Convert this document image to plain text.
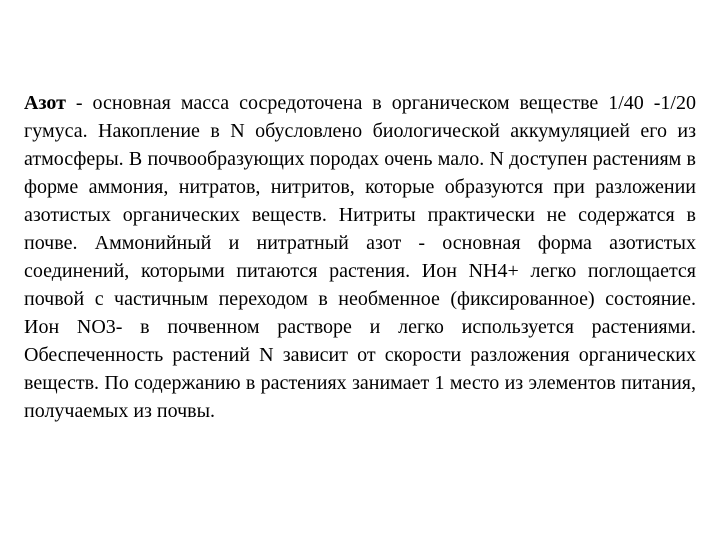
Азот - основная масса сосредоточена в органическом веществе 1/40 -1/20 гумуса. Накопление в N обусловлено биологической аккумуляцией его из атмосферы. В почвообразующих породах очень мало. N доступен растениям в форме аммония, нитратов, нитритов, которые образуются при разложении азотистых органических веществ. Нитриты практически не содержатся в почве. Аммонийный и нитратный азот - основная форма азотистых соединений, которыми питаются растения. Ион NH4+ легко поглощается почвой с частичным переходом в необменное (фиксированное) состояние. Ион NO3- в почвенном растворе и легко используется растениями. Обеспеченность растений N зависит от скорости разложения органических веществ. По содержанию в растениях занимает 1 место из элементов питания, получаемых из почвы.
